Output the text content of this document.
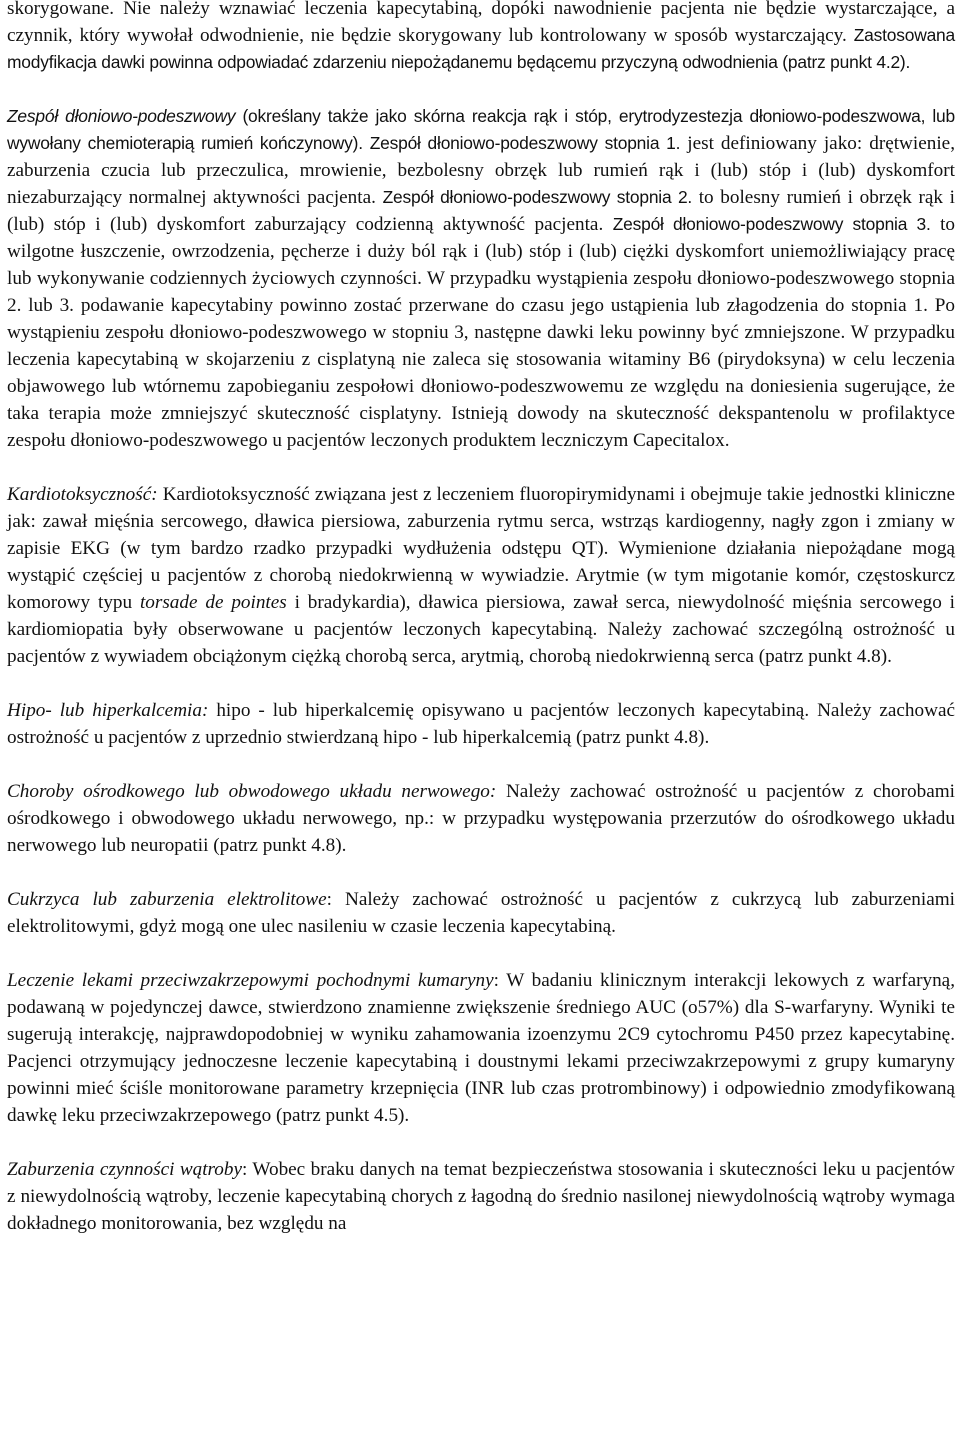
skorygowane. Nie należy wznawiać leczenia kapecytabiną, dopóki nawodnienie pacjenta nie będzie wystarczające, a czynnik, który wywołał odwodnienie, nie będzie skorygowany lub kontrolowany w sposób wystarczający. Zastosowana modyfikacja dawki powinna odpowiadać zdarzeniu niepożądanemu będącemu przyczyną odwodnienia (patrz punkt 4.2).

Zespół dłoniowo-podeszwowy (określany także jako skórna reakcja rąk i stóp, erytrodyzestezja dłoniowo-podeszwowa, lub wywołany chemioterapią rumień kończynowy). Zespół dłoniowo-podeszwowy stopnia 1. jest definiowany jako: drętwienie, zaburzenia czucia lub przeczulica, mrowienie, bezbolesny obrzęk lub rumień rąk i (lub) stóp i (lub) dyskomfort niezaburzający normalnej aktywności pacjenta. Zespół dłoniowo-podeszwowy stopnia 2. to bolesny rumień i obrzęk rąk i (lub) stóp i (lub) dyskomfort zaburzający codzienną aktywność pacjenta. Zespół dłoniowo-podeszwowy stopnia 3. to wilgotne łuszczenie, owrzodzenia, pęcherze i duży ból rąk i (lub) stóp i (lub) ciężki dyskomfort uniemożliwiający pracę lub wykonywanie codziennych życiowych czynności. W przypadku wystąpienia zespołu dłoniowo-podeszwowego stopnia 2. lub 3. podawanie kapecytabiny powinno zostać przerwane do czasu jego ustąpienia lub złagodzenia do stopnia 1. Po wystąpieniu zespołu dłoniowo-podeszwowego w stopniu 3, następne dawki leku powinny być zmniejszone. W przypadku leczenia kapecytabiną w skojarzeniu z cisplatyną nie zaleca się stosowania witaminy B6 (pirydoksyna) w celu leczenia objawowego lub wtórnemu zapobieganiu zespołowi dłoniowo-podeszwowemu ze względu na doniesienia sugerujące, że taka terapia może zmniejszyć skuteczność cisplatyny. Istnieją dowody na skuteczność dekspantenolu w profilaktyce zespołu dłoniowo-podeszwowego u pacjentów leczonych produktem leczniczym Capecitalox.

Kardiotoksyczność: Kardiotoksyczność związana jest z leczeniem fluoropirymidynami i obejmuje takie jednostki kliniczne jak: zawał mięśnia sercowego, dławica piersiowa, zaburzenia rytmu serca, wstrząs kardiogenny, nagły zgon i zmiany w zapisie EKG (w tym bardzo rzadko przypadki wydłużenia odstępu QT). Wymienione działania niepożądane mogą wystąpić częściej u pacjentów z chorobą niedokrwienną w wywiadzie. Arytmie (w tym migotanie komór, częstoskurcz komorowy typu torsade de pointes i bradykardia), dławica piersiowa, zawał serca, niewydolność mięśnia sercowego i kardiomiopatia były obserwowane u pacjentów leczonych kapecytabiną. Należy zachować szczególną ostrożność u pacjentów z wywiadem obciążonym ciężką chorobą serca, arytmią, chorobą niedokrwienną serca (patrz punkt 4.8).

Hipo- lub hiperkalcemia: hipo - lub hiperkalcemię opisywano u pacjentów leczonych kapecytabiną. Należy zachować ostrożność u pacjentów z uprzednio stwierdzaną hipo - lub hiperkalcemią (patrz punkt 4.8).

Choroby ośrodkowego lub obwodowego układu nerwowego: Należy zachować ostrożność u pacjentów z chorobami ośrodkowego i obwodowego układu nerwowego, np.: w przypadku występowania przerzutów do ośrodkowego układu nerwowego lub neuropatii (patrz punkt 4.8).

Cukrzyca lub zaburzenia elektrolitowe: Należy zachować ostrożność u pacjentów z cukrzycą lub zaburzeniami elektrolitowymi, gdyż mogą one ulec nasileniu w czasie leczenia kapecytabiną.

Leczenie lekami przeciwzakrzepowymi pochodnymi kumaryny: W badaniu klinicznym interakcji lekowych z warfaryną, podawaną w pojedynczej dawce, stwierdzono znamienne zwiększenie średniego AUC (o57%) dla S-warfaryny. Wyniki te sugerują interakcję, najprawdopodobniej w wyniku zahamowania izoenzymu 2C9 cytochromu P450 przez kapecytabinę. Pacjenci otrzymujący jednoczesne leczenie kapecytabiną i doustnymi lekami przeciwzakrzepowymi z grupy kumaryny powinni mieć ściśle monitorowane parametry krzepnięcia (INR lub czas protrombinowy) i odpowiednio zmodyfikowaną dawkę leku przeciwzakrzepowego (patrz punkt 4.5).

Zaburzenia czynności wątroby: Wobec braku danych na temat bezpieczeństwa stosowania i skuteczności leku u pacjentów z niewydolnością wątroby, leczenie kapecytabiną chorych z łagodną do średnio nasilonej niewydolnością wątroby wymaga dokładnego monitorowania, bez względu na
